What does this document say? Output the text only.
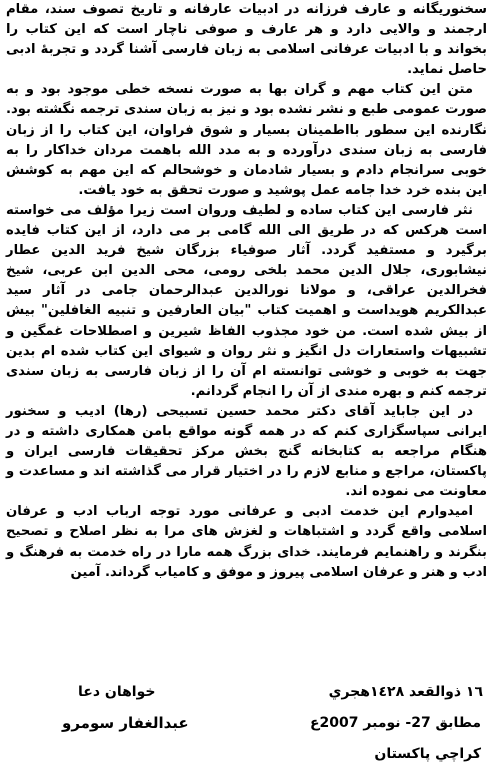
سخنوریگانه و عارف فرزانه در ادبیات عارفانه و تاریخ تصوف سند، مقام ارجمند و والایی دارد و هر عارف و صوفی ناچار است که این کتاب را بخواند و با ادبیات عرفانی اسلامی به زبان فارسی آشنا گردد و تجربهٔ ادبی حاصل نماید.

متن این کتاب مهم و گران بها به صورت نسخه خطی موجود بود و به صورت عمومی طبع و نشر نشده بود و نیز به زبان سندی ترجمه نگشته بود. نگارنده این سطور بااطمینان بسیار و شوق فراوان، این کتاب را از زبان فارسی به زبان سندی درآورده و به مدد الله باهمت مردان خداکار را به خوبی سرانجام دادم و بسیار شادمان و خوشحالم که این مهم به کوشش این بنده خرد خدا جامه عمل پوشید و صورت تحقق به خود یافت.

نثر فارسی این کتاب ساده و لطیف وروان است زیرا مؤلف می خواسته است هرکس که در طریق الی الله گامی بر می دارد، از این کتاب فایده برگیرد و مستفید گردد. آثار صوفیاء بزرگان شیخ فرید الدین عطار نیشابوری، جلال الدین محمد بلخی رومی، محی الدین ابن عربی، شیخ فخرالدین عراقی، و مولانا نورالدین عبدالرحمان جامی در آثار سید عبدالکریم هویداست و اهمیت کتاب "بیان العارفین و تنبیه الغافلین" بیش از بیش شده است. من خود مجذوب الفاظ شیرین و اصطلاحات غمگین و تشبیهات واستعارات دل انگیز و نثر روان و شیوای این کتاب شده ام بدین جهت به خوبی و خوشی توانسته ام آن را از زبان فارسی به زبان سندی ترجمه کنم و بهره مندی از آن را انجام گردانم.

در این جاباید آقای دکتر محمد حسین تسبیحی (رها) ادیب و سخنور ایرانی سپاسگزاری کنم که در همه گونه مواقع بامن همکاری داشته و در هنگام مراجعه به کتابخانه گنج بخش مرکز تحقیقات فارسی ایران و پاکستان، مراجع و منابع لازم را در اختیار قرار می گذاشته اند و مساعدت و معاونت می نموده اند.

امیدوارم این خدمت ادبی و عرفانی مورد توجه ارباب ادب و عرفان اسلامی واقع گردد و اشتباهات و لغزش های مرا به نظر اصلاح و تصحیح بنگرند و راهنمایم فرمایند. خدای بزرگ همه مارا در راه خدمت به فرهنگ و ادب و هنر و عرفان اسلامی پیروز و موفق و کامیاب گرداند. آمین

١٦ ذوالقعد ١٤٢٨هجري
مطابق 27- نومبر 2007ع
كراچي پاكستان
خواهان دعا
عبدالغفار سومرو
